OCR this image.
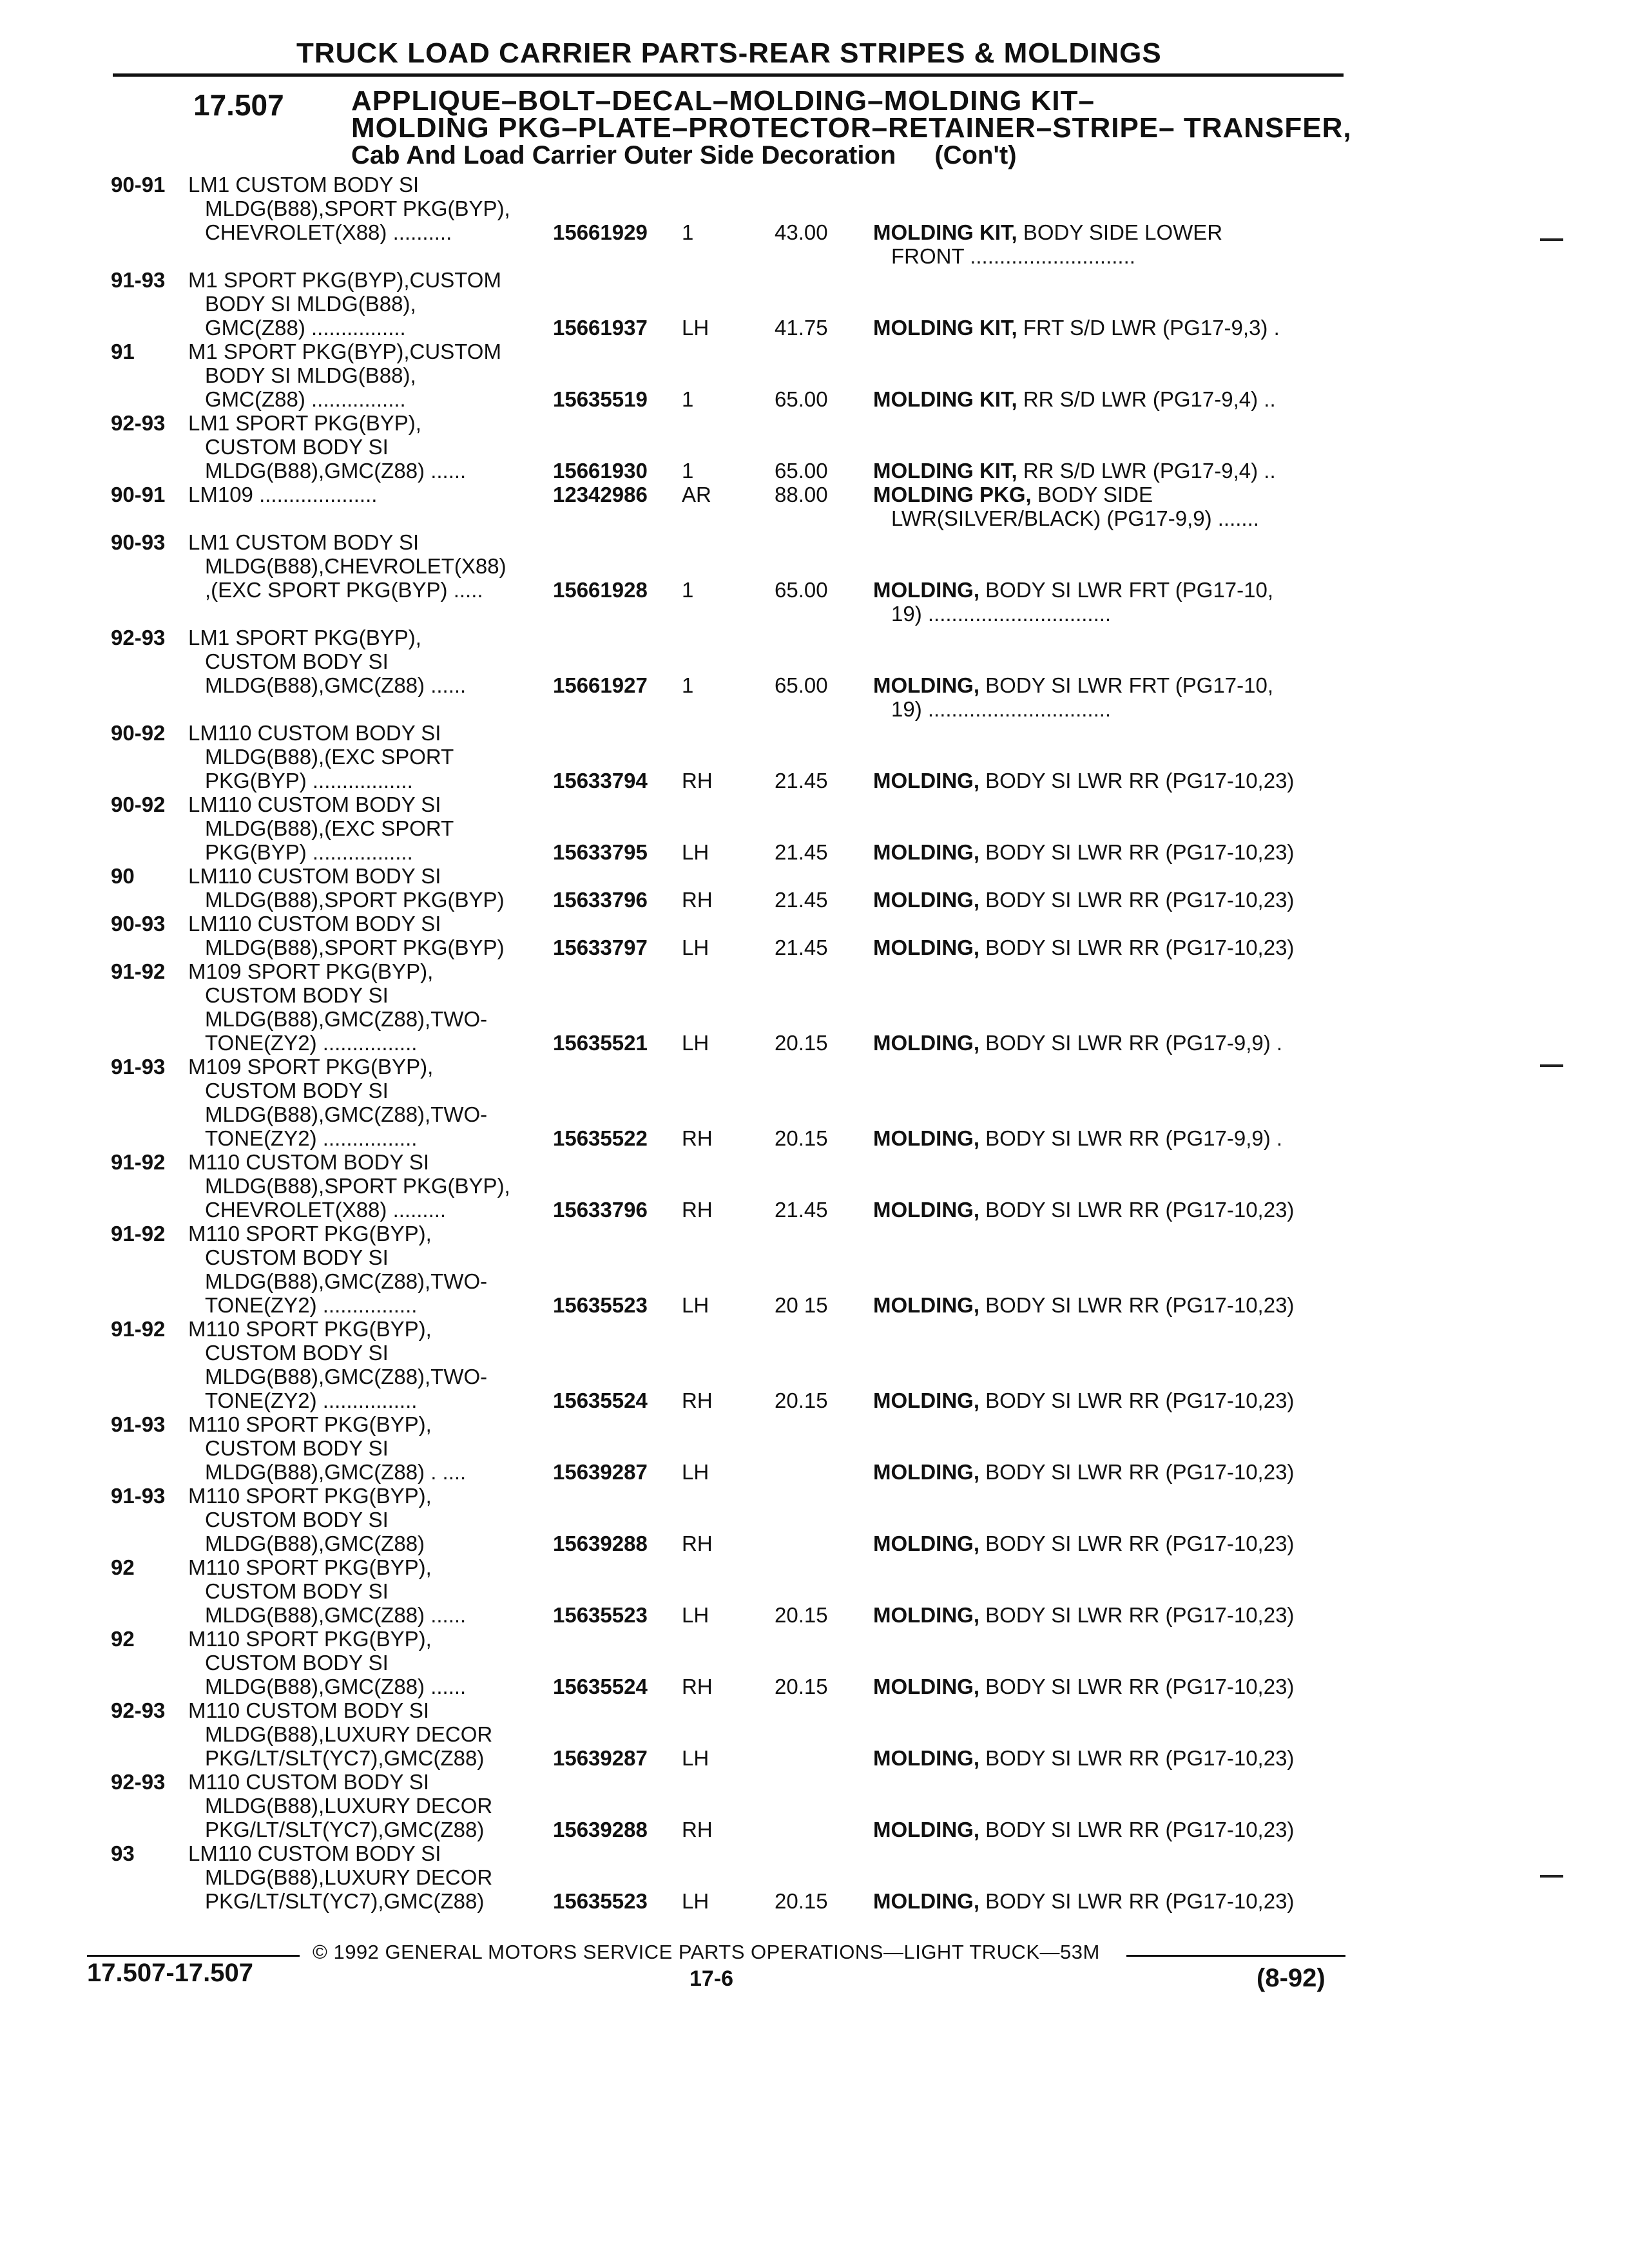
TRUCK LOAD CARRIER PARTS-REAR STRIPES & MOLDINGS
17.507 APPLIQUE–BOLT–DECAL–MOLDING–MOLDING KIT–
MOLDING PKG–PLATE–PROTECTOR–RETAINER–STRIPE– TRANSFER,
Cab And Load Carrier Outer Side Decoration (Con't)
90-91 LM1 CUSTOM BODY SI
MLDG(B88),SPORT PKG(BYP),
CHEVROLET(X88) ..........	15661929 1	43.00 MOLDING KIT, BODY SIDE LOWER
FRONT ............................
91-93 M1 SPORT PKG(BYP),CUSTOM
BODY SI MLDG(B88),
GMC(Z88) ................	15661937 LH	41.75 MOLDING KIT, FRT S/D LWR (PG17-9,3) .
91	M1 SPORT PKG(BYP),CUSTOM
BODY SI MLDG(B88),
GMC(Z88) ................	15635519 1	65.00 MOLDING KIT, RR S/D LWR (PG17-9,4) ..
92-93 LM1 SPORT PKG(BYP),
CUSTOM BODY SI
MLDG(B88),GMC(Z88) ......	15661930 1	65.00 MOLDING KIT, RR S/D LWR (PG17-9,4) ..
90-91 LM109 ....................	12342986 AR	88.00 MOLDING PKG, BODY SIDE
LWR(SILVER/BLACK) (PG17-9,9) .......
90-93 LM1 CUSTOM BODY SI
MLDG(B88),CHEVROLET(X88)
,(EXC SPORT PKG(BYP) .....	15661928 1	65.00 MOLDING, BODY SI LWR FRT (PG17-10,
19) ...............................
92-93 LM1 SPORT PKG(BYP),
CUSTOM BODY SI
MLDG(B88),GMC(Z88) ......	15661927 1	65.00 MOLDING, BODY SI LWR FRT (PG17-10,
19) ...............................
90-92 LM110 CUSTOM BODY SI
MLDG(B88),(EXC SPORT
PKG(BYP) .................	15633794 RH	21.45 MOLDING, BODY SI LWR RR (PG17-10,23)
90-92 LM110 CUSTOM BODY SI
MLDG(B88),(EXC SPORT
PKG(BYP) .................	15633795 LH	21.45 MOLDING, BODY SI LWR RR (PG17-10,23)
90	LM110 CUSTOM BODY SI
MLDG(B88),SPORT PKG(BYP) 15633796 RH	21.45 MOLDING, BODY SI LWR RR (PG17-10,23)
90-93 LM110 CUSTOM BODY SI
MLDG(B88),SPORT PKG(BYP) 15633797 LH	21.45 MOLDING, BODY SI LWR RR (PG17-10,23)
91-92 M109 SPORT PKG(BYP),
CUSTOM BODY SI
MLDG(B88),GMC(Z88),TWO-
TONE(ZY2) ................	15635521 LH	20.15 MOLDING, BODY SI LWR RR (PG17-9,9) .
91-93 M109 SPORT PKG(BYP),
CUSTOM BODY SI
MLDG(B88),GMC(Z88),TWO-
TONE(ZY2) ................	15635522 RH	20.15 MOLDING, BODY SI LWR RR (PG17-9,9) .
91-92 M110 CUSTOM BODY SI
MLDG(B88),SPORT PKG(BYP),
CHEVROLET(X88) .........	15633796 RH	21.45 MOLDING, BODY SI LWR RR (PG17-10,23)
91-92 M110 SPORT PKG(BYP),
CUSTOM BODY SI
MLDG(B88),GMC(Z88),TWO-
TONE(ZY2) ................	15635523 LH	20 15 MOLDING, BODY SI LWR RR (PG17-10,23)
91-92 M110 SPORT PKG(BYP),
CUSTOM BODY SI
MLDG(B88),GMC(Z88),TWO-
TONE(ZY2) ................	15635524 RH	20.15 MOLDING, BODY SI LWR RR (PG17-10,23)
91-93 M110 SPORT PKG(BYP),
CUSTOM BODY SI
MLDG(B88),GMC(Z88) . ....	15639287 LH	MOLDING, BODY SI LWR RR (PG17-10,23)
91-93 M110 SPORT PKG(BYP),
CUSTOM BODY SI
MLDG(B88),GMC(Z88)	15639288 RH	MOLDING, BODY SI LWR RR (PG17-10,23)
92	M110 SPORT PKG(BYP),
CUSTOM BODY SI
MLDG(B88),GMC(Z88) ......	15635523 LH	20.15 MOLDING, BODY SI LWR RR (PG17-10,23)
92	M110 SPORT PKG(BYP),
CUSTOM BODY SI
MLDG(B88),GMC(Z88) ......	15635524 RH	20.15 MOLDING, BODY SI LWR RR (PG17-10,23)
92-93 M110 CUSTOM BODY SI
MLDG(B88),LUXURY DECOR
PKG/LT/SLT(YC7),GMC(Z88)	15639287 LH	MOLDING, BODY SI LWR RR (PG17-10,23)
92-93 M110 CUSTOM BODY SI
MLDG(B88),LUXURY DECOR
PKG/LT/SLT(YC7),GMC(Z88)	15639288 RH	MOLDING, BODY SI LWR RR (PG17-10,23)
93	LM110 CUSTOM BODY SI
MLDG(B88),LUXURY DECOR
PKG/LT/SLT(YC7),GMC(Z88)	15635523 LH	20.15 MOLDING, BODY SI LWR RR (PG17-10,23)
© 1992 GENERAL MOTORS SERVICE PARTS OPERATIONS—LIGHT TRUCK—53M
17.507-17.507	17-6	(8-92)
